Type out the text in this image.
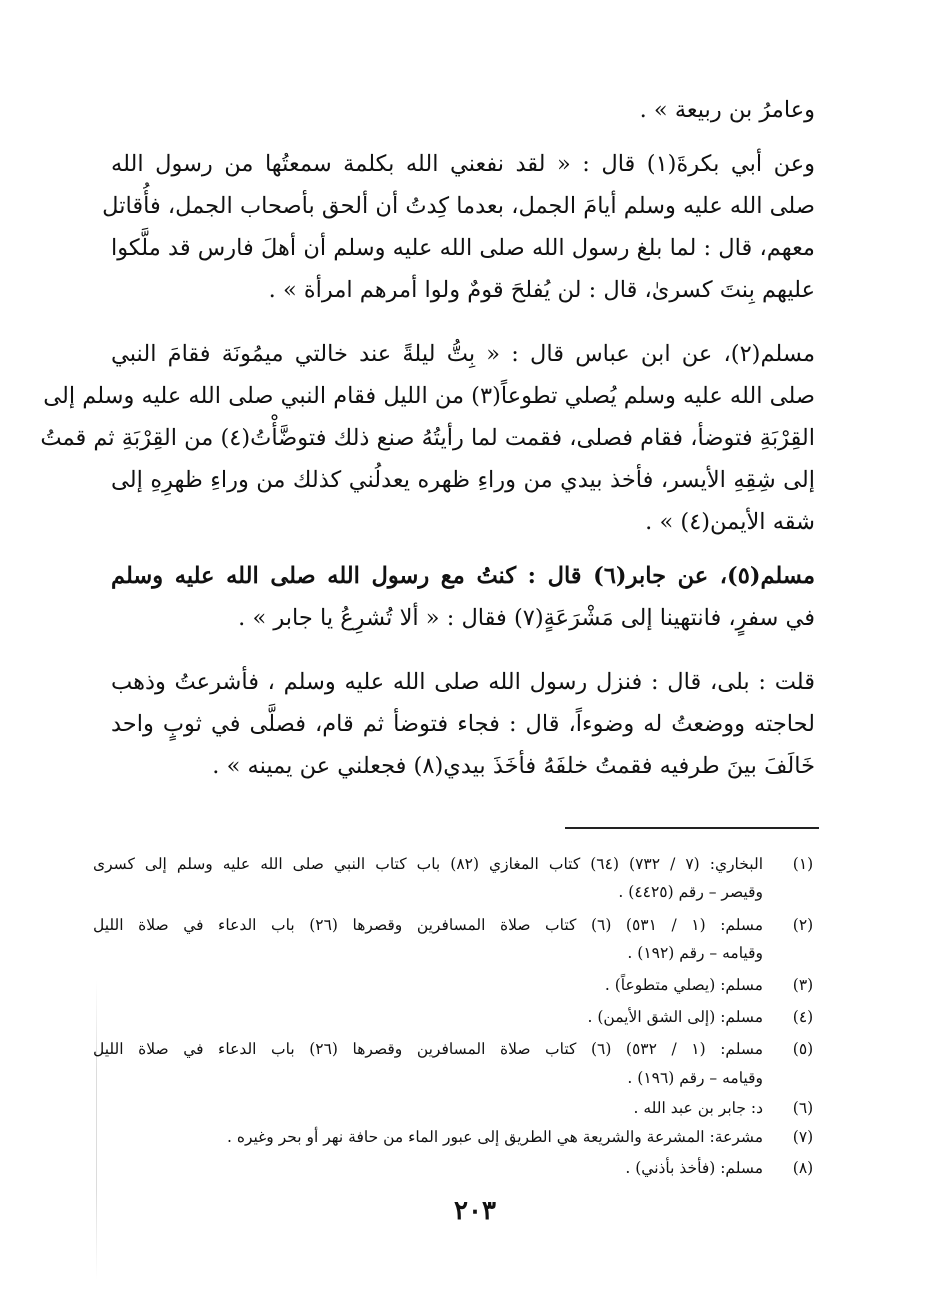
وعامرُ بن ربيعة » .
وعن أبي بكرةَ(١) قال : « لقد نفعني الله بكلمة سمعتُها من رسول الله
صلى الله عليه وسلم أيامَ الجمل، بعدما كِدتُ أن ألحق بأصحاب الجمل، فأُقاتل
معهم، قال : لما بلغ رسول الله صلى الله عليه وسلم أن أهلَ فارس قد ملَّكوا
عليهم بِنتَ كسرىٰ، قال : لن يُفلحَ قومٌ ولوا أمرهم امرأة » .
مسلم(٢)، عن ابن عباس قال : « بِتُّ ليلةً عند خالتي ميمُونَة فقامَ النبي
صلى الله عليه وسلم يُصلي تطوعاً(٣) من الليل فقام النبي صلى الله عليه وسلم إلى
القِرْبَةِ فتوضأ، فقام فصلى، فقمت لما رأيتُهُ صنع ذلك فتوضَّأْتُ(٤) من القِرْبَةِ ثم قمتُ
إلى شِقِهِ الأيسر، فأخذ بيدي من وراءِ ظهره يعدلُني كذلك من وراءِ ظهرِهِ إلى
شقه الأيمن(٤) » .
مسلم(٥)، عن جابر(٦) قال : كنتُ مع رسول الله صلى الله عليه وسلم
في سفرٍ، فانتهينا إلى مَشْرَعَةٍ(٧) فقال : « ألا تُشرِعُ يا جابر » .
قلت : بلى، قال : فنزل رسول الله صلى الله عليه وسلم ، فأشرعتُ وذهب
لحاجته ووضعتُ له وضوءاً، قال : فجاء فتوضأ ثم قام، فصلَّى في ثوبٍ واحد
خَالَفَ بينَ طرفيه فقمتُ خلفَهُ فأخَذَ بيدي(٨) فجعلني عن يمينه » .
(١)
البخاري: (٧ / ٧٣٢) (٦٤) كتاب المغازي (٨٢) باب كتاب النبي صلى الله عليه وسلم إلى كسرى
وقيصر – رقم (٤٤٢٥) .
(٢)
مسلم: (١ / ٥٣١) (٦) كتاب صلاة المسافرين وقصرها (٢٦) باب الدعاء في صلاة الليل
وقيامه – رقم (١٩٢) .
(٣)
مسلم: (يصلي متطوعاً) .
(٤)
مسلم: (إلى الشق الأيمن) .
(٥)
مسلم: (١ / ٥٣٢) (٦) كتاب صلاة المسافرين وقصرها (٢٦) باب الدعاء في صلاة الليل
وقيامه – رقم (١٩٦) .
(٦)
د: جابر بن عبد الله .
(٧)
مشرعة: المشرعة والشريعة هي الطريق إلى عبور الماء من حافة نهر أو بحر وغيره .
(٨)
مسلم: (فأخذ بأذني) .
٢٠٣
